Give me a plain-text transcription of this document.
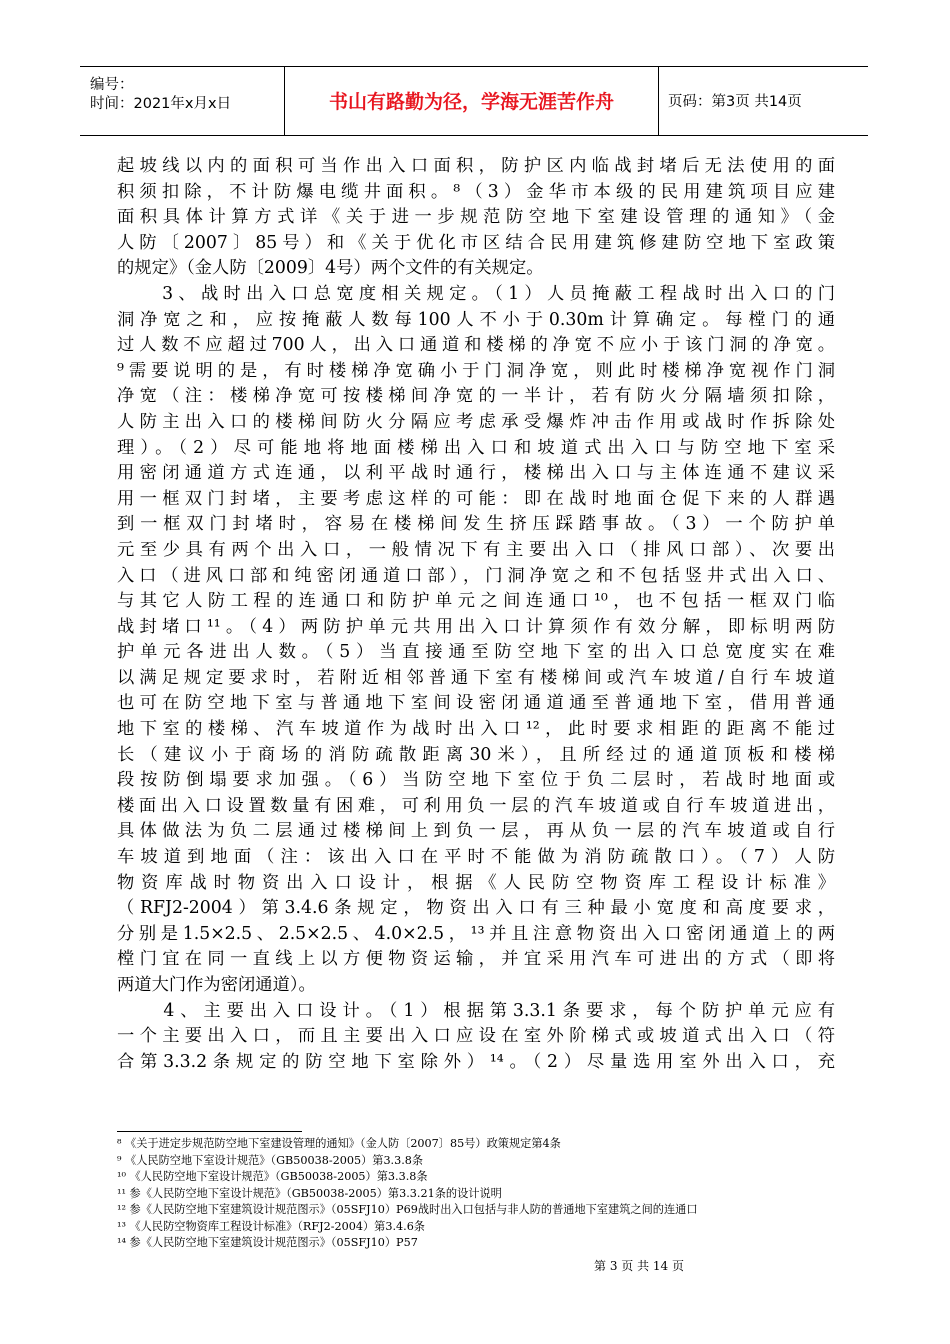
编号：
时间：2021年x月x日	书山有路勤为径，学海无涯苦作舟	页码：第3页 共14页
起坡线以内的面积可当作出入口面积，防护区内临战封堵后无法使用的面
积须扣除，不计防爆电缆井面积。⁸（3）金华市本级的民用建筑项目应建
面积具体计算方式详《关于进一步规范防空地下室建设管理的通知》（金
人防〔2007〕85号）和《关于优化市区结合民用建筑修建防空地下室政策
的规定》（金人防〔2009〕4号）两个文件的有关规定。
　　3、战时出入口总宽度相关规定。（1）人员掩蔽工程战时出入口的门
洞净宽之和，应按掩蔽人数每100人不小于0.30m计算确定。每樘门的通
过人数不应超过700人，出入口通道和楼梯的净宽不应小于该门洞的净宽。
⁹需要说明的是，有时楼梯净宽确小于门洞净宽，则此时楼梯净宽视作门洞
净宽（注：楼梯净宽可按楼梯间净宽的一半计，若有防火分隔墙须扣除，
人防主出入口的楼梯间防火分隔应考虑承受爆炸冲击作用或战时作拆除处
理）。（2）尽可能地将地面楼梯出入口和坡道式出入口与防空地下室采
用密闭通道方式连通，以利平战时通行，楼梯出入口与主体连通不建议采
用一框双门封堵，主要考虑这样的可能：即在战时地面仓促下来的人群遇
到一框双门封堵时，容易在楼梯间发生挤压踩踏事故。（3）一个防护单
元至少具有两个出入口，一般情况下有主要出入口（排风口部）、次要出
入口（进风口部和纯密闭通道口部），门洞净宽之和不包括竖井式出入口、
与其它人防工程的连通口和防护单元之间连通口¹⁰，也不包括一框双门临
战封堵口¹¹。（4）两防护单元共用出入口计算须作有效分解，即标明两防
护单元各进出人数。（5）当直接通至防空地下室的出入口总宽度实在难
以满足规定要求时，若附近相邻普通下室有楼梯间或汽车坡道/自行车坡道
也可在防空地下室与普通地下室间设密闭通道通至普通地下室，借用普通
地下室的楼梯、汽车坡道作为战时出入口¹²，此时要求相距的距离不能过
长（建议小于商场的消防疏散距离30米），且所经过的通道顶板和楼梯
段按防倒塌要求加强。（6）当防空地下室位于负二层时，若战时地面或
楼面出入口设置数量有困难，可利用负一层的汽车坡道或自行车坡道进出，
具体做法为负二层通过楼梯间上到负一层，再从负一层的汽车坡道或自行
车坡道到地面（注：该出入口在平时不能做为消防疏散口）。（7）人防
物资库战时物资出入口设计，根据《人民防空物资库工程设计标准》
（RFJ2-2004）第3.4.6条规定，物资出入口有三种最小宽度和高度要求，
分别是1.5×2.5、2.5×2.5、4.0×2.5，¹³并且注意物资出入口密闭通道上的两
樘门宜在同一直线上以方便物资运输，并宜采用汽车可进出的方式（即将
两道大门作为密闭通道）。
　　4、主要出入口设计。（1）根据第3.3.1条要求，每个防护单元应有
一个主要出入口，而且主要出入口应设在室外阶梯式或坡道式出入口（符
合第3.3.2条规定的防空地下室除外）¹⁴。（2）尽量选用室外出入口，充
⁸ 《关于进定步规范防空地下室建设管理的通知》（金人防〔2007〕85号）政策规定第4条
⁹ 《人民防空地下室设计规范》（GB50038-2005）第3.3.8条
¹⁰ 《人民防空地下室设计规范》（GB50038-2005）第3.3.8条
¹¹ 参《人民防空地下室设计规范》（GB50038-2005）第3.3.21条的设计说明
¹² 参《人民防空地下室建筑设计规范图示》（05SFJ10）P69战时出入口包括与非人防的普通地下室建筑之间的连通口
¹³ 《人民防空物资库工程设计标准》（RFJ2-2004）第3.4.6条
¹⁴ 参《人民防空地下室建筑设计规范图示》（05SFJ10）P57
第 3 页 共 14 页
